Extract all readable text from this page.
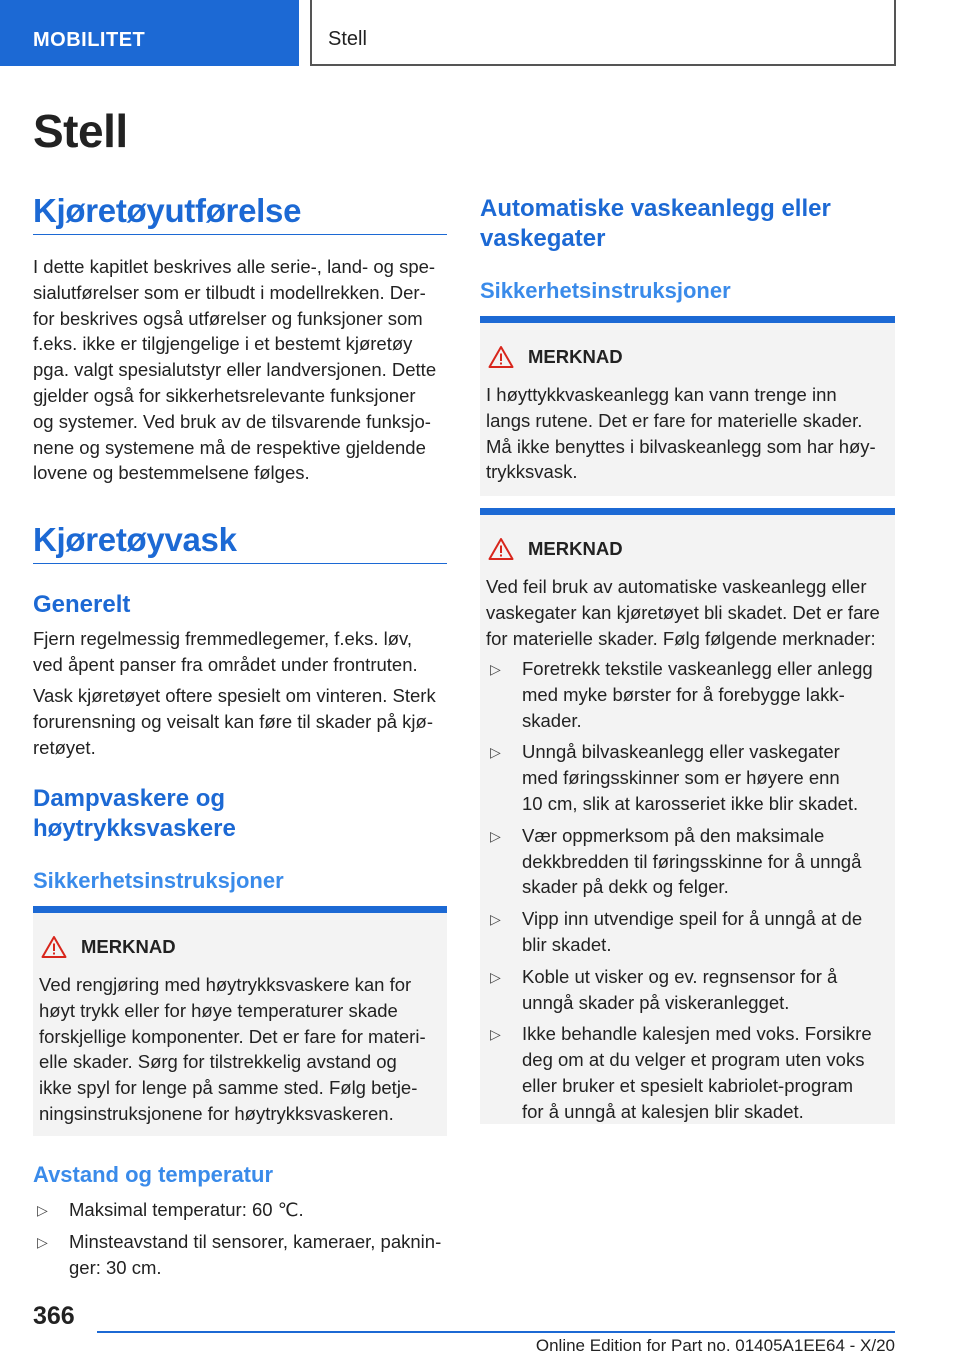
MOBILITET	Stell
Stell
Kjøretøyutførelse
I dette kapitlet beskrives alle serie-, land- og spe-
sialutførelser som er tilbudt i modellrekken. Der-
for beskrives også utførelser og funksjoner som
f.eks. ikke er tilgjengelige i et bestemt kjøretøy
pga. valgt spesialutstyr eller landversjonen. Dette
gjelder også for sikkerhetsrelevante funksjoner
og systemer. Ved bruk av de tilsvarende funksjo-
nene og systemene må de respektive gjeldende
lovene og bestemmelsene følges.
Kjøretøyvask
Generelt
Fjern regelmessig fremmedlegemer, f.eks. løv,
ved åpent panser fra området under frontruten.
Vask kjøretøyet oftere spesielt om vinteren. Sterk
forurensning og veisalt kan føre til skader på kjø-
retøyet.
Dampvaskere og
høytrykksvaskere
Sikkerhetsinstruksjoner
MERKNAD
Ved rengjøring med høytrykksvaskere kan for
høyt trykk eller for høye temperaturer skade
forskjellige komponenter. Det er fare for materi-
elle skader. Sørg for tilstrekkelig avstand og
ikke spyl for lenge på samme sted. Følg betje-
ningsinstruksjonene for høytrykksvaskeren.
Avstand og temperatur
▷ Maksimal temperatur: 60 ℃.
▷ Minsteavstand til sensorer, kameraer, paknin-
ger: 30 cm.
Automatiske vaskeanlegg eller
vaskegater
Sikkerhetsinstruksjoner
MERKNAD
I høyttykkvaskeanlegg kan vann trenge inn
langs rutene. Det er fare for materielle skader.
Må ikke benyttes i bilvaskeanlegg som har høy-
trykksvask.
MERKNAD
Ved feil bruk av automatiske vaskeanlegg eller
vaskegater kan kjøretøyet bli skadet. Det er fare
for materielle skader. Følg følgende merknader:
▷ Foretrekk tekstile vaskeanlegg eller anlegg
med myke børster for å forebygge lakk-
skader.
▷ Unngå bilvaskeanlegg eller vaskegater
med føringsskinner som er høyere enn
10 cm, slik at karosseriet ikke blir skadet.
▷ Vær oppmerksom på den maksimale
dekkbredden til føringsskinne for å unngå
skader på dekk og felger.
▷ Vipp inn utvendige speil for å unngå at de
blir skadet.
▷ Koble ut visker og ev. regnsensor for å
unngå skader på viskeranlegget.
▷ Ikke behandle kalesjen med voks. Forsikre
deg om at du velger et program uten voks
eller bruker et spesielt kabriolet-program
for å unngå at kalesjen blir skadet.
366
Online Edition for Part no. 01405A1EE64 - X/20
